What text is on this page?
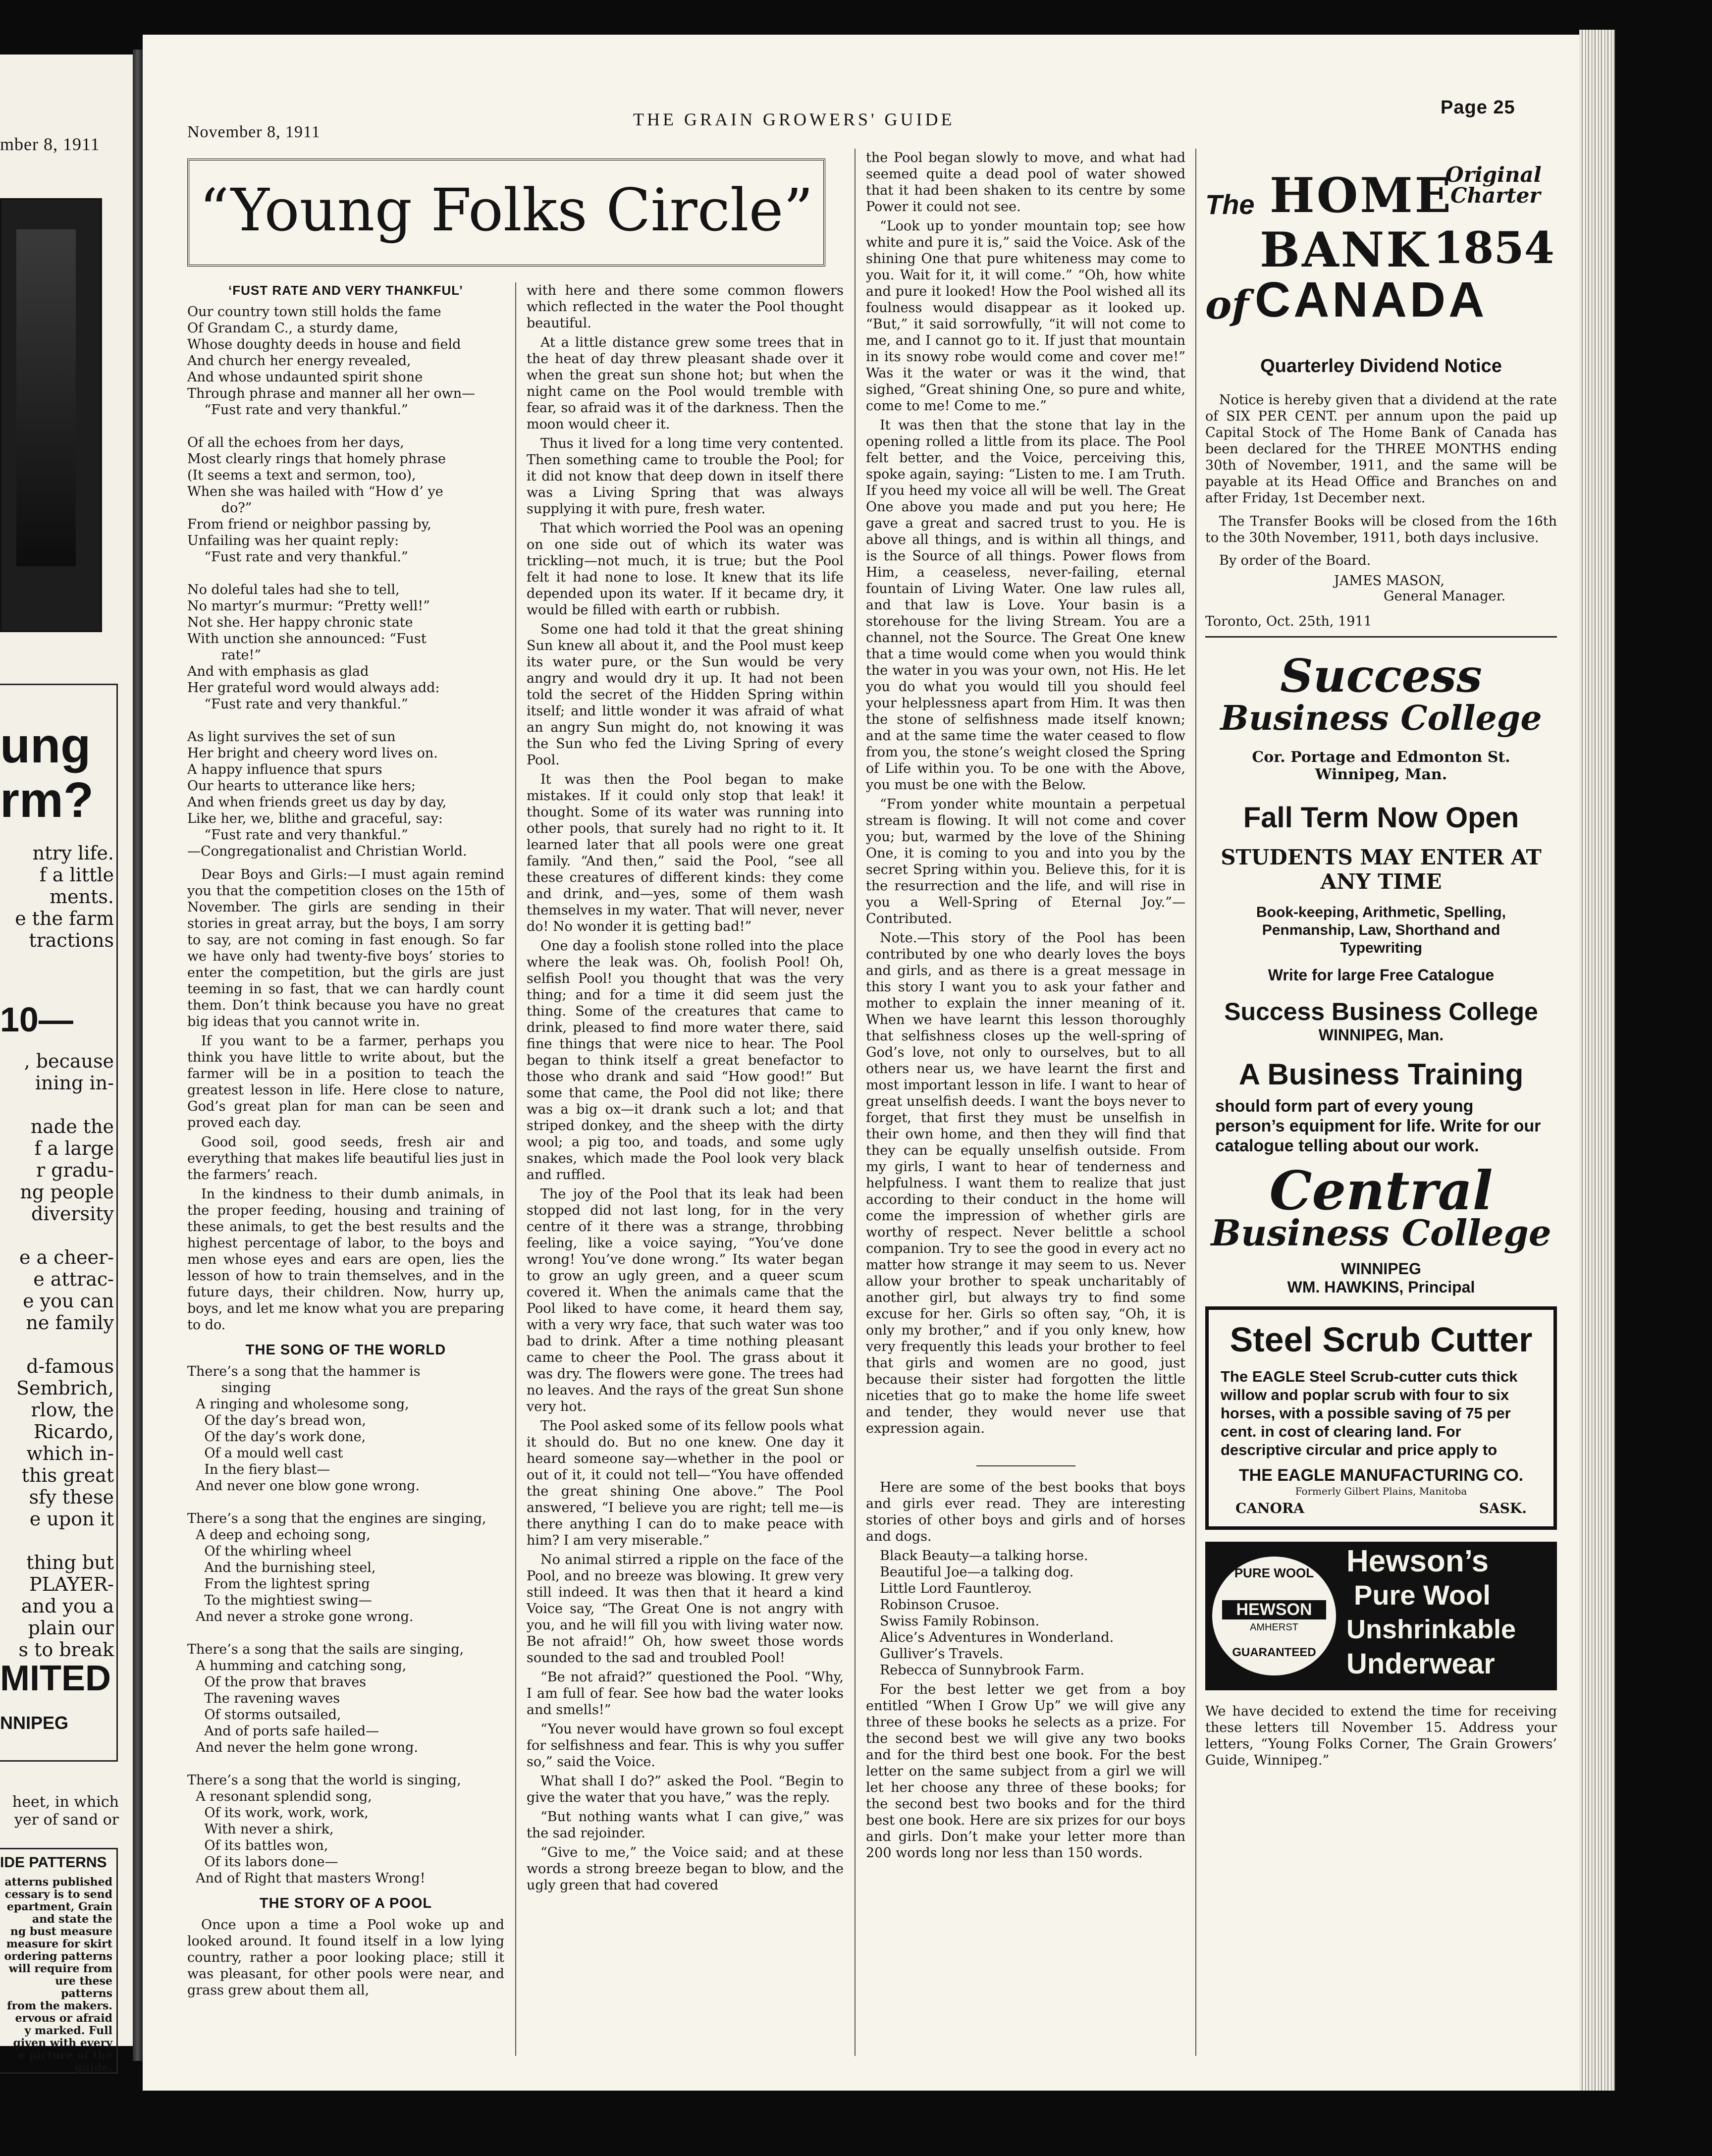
mber 8, 1911
ung
rm?
ntry life.
f a little
ments.
e the farm
tractions
10—
, because
ining in-

nade the
f a large
r gradu-
ng people
diversity

e a cheer-
e attrac-
e you can
ne family

d-famous
Sembrich,
rlow, the
Ricardo,
which in-
this great
sfy these
e upon it

thing but
PLAYER-
and you a
plain our
s to break
MITED
NNIPEG
heet, in which
yer of sand or
IDE PATTERNS
atterns published
cessary is to send
epartment, Grain
and state the
ng bust measure
measure for skirt
ordering patterns
will require from
ure these patterns
from the makers.
ervous or afraid
y marked. Full
given with every
e picture of the
guide.
November 8, 1911
THE GRAIN GROWERS' GUIDE
Page 25
“Young Folks Circle”
‘FUST RATE AND VERY THANKFUL’
Our country town still holds the fame
Of Grandam C., a sturdy dame,
Whose doughty deeds in house and field
And church her energy revealed,
And whose undaunted spirit shone
Through phrase and manner all her own—
“Fust rate and very thankful.”

Of all the echoes from her days,
Most clearly rings that homely phrase
(It seems a text and sermon, too),
When she was hailed with “How d’ ye
do?”
From friend or neighbor passing by,
Unfailing was her quaint reply:
“Fust rate and very thankful.”

No doleful tales had she to tell,
No martyr’s murmur: “Pretty well!”
Not she. Her happy chronic state
With unction she announced: “Fust
rate!”
And with emphasis as glad
Her grateful word would always add:
“Fust rate and very thankful.”

As light survives the set of sun
Her bright and cheery word lives on.
A happy influence that spurs
Our hearts to utterance like hers;
And when friends greet us day by day,
Like her, we, blithe and graceful, say:
“Fust rate and very thankful.”
—Congregationalist and Christian World.

Dear Boys and Girls:—I must again remind you that the competition closes on the 15th of November. The girls are sending in their stories in great array, but the boys, I am sorry to say, are not coming in fast enough. So far we have only had twenty-five boys’ stories to enter the competition, but the girls are just teeming in so fast, that we can hardly count them. Don’t think because you have no great big ideas that you cannot write in.

If you want to be a farmer, perhaps you think you have little to write about, but the farmer will be in a position to teach the greatest lesson in life. Here close to nature, God’s great plan for man can be seen and proved each day.

Good soil, good seeds, fresh air and everything that makes life beautiful lies just in the farmers’ reach.

In the kindness to their dumb animals, in the proper feeding, housing and training of these animals, to get the best results and the highest percentage of labor, to the boys and men whose eyes and ears are open, lies the lesson of how to train themselves, and in the future days, their children. Now, hurry up, boys, and let me know what you are preparing to do.

THE SONG OF THE WORLD
There’s a song that the hammer is
singing
A ringing and wholesome song,
Of the day’s bread won,
Of the day’s work done,
Of a mould well cast
In the fiery blast—
And never one blow gone wrong.

There’s a song that the engines are singing,
A deep and echoing song,
Of the whirling wheel
And the burnishing steel,
From the lightest spring
To the mightiest swing—
And never a stroke gone wrong.

There’s a song that the sails are singing,
A humming and catching song,
Of the prow that braves
The ravening waves
Of storms outsailed,
And of ports safe hailed—
And never the helm gone wrong.

There’s a song that the world is singing,
A resonant splendid song,
Of its work, work, work,
With never a shirk,
Of its battles won,
Of its labors done—
And of Right that masters Wrong!
THE STORY OF A POOL

Once upon a time a Pool woke up and looked around. It found itself in a low lying country, rather a poor looking place; still it was pleasant, for other pools were near, and grass grew about them all,

with here and there some common flowers which reflected in the water the Pool thought beautiful.

At a little distance grew some trees that in the heat of day threw pleasant shade over it when the great sun shone hot; but when the night came on the Pool would tremble with fear, so afraid was it of the darkness. Then the moon would cheer it.

Thus it lived for a long time very contented. Then something came to trouble the Pool; for it did not know that deep down in itself there was a Living Spring that was always supplying it with pure, fresh water.

That which worried the Pool was an opening on one side out of which its water was trickling—not much, it is true; but the Pool felt it had none to lose. It knew that its life depended upon its water. If it became dry, it would be filled with earth or rubbish.

Some one had told it that the great shining Sun knew all about it, and the Pool must keep its water pure, or the Sun would be very angry and would dry it up. It had not been told the secret of the Hidden Spring within itself; and little wonder it was afraid of what an angry Sun might do, not knowing it was the Sun who fed the Living Spring of every Pool.

It was then the Pool began to make mistakes. If it could only stop that leak! it thought. Some of its water was running into other pools, that surely had no right to it. It learned later that all pools were one great family. “And then,” said the Pool, “see all these creatures of different kinds: they come and drink, and—yes, some of them wash themselves in my water. That will never, never do! No wonder it is getting bad!”

One day a foolish stone rolled into the place where the leak was. Oh, foolish Pool! Oh, selfish Pool! you thought that was the very thing; and for a time it did seem just the thing. Some of the creatures that came to drink, pleased to find more water there, said fine things that were nice to hear. The Pool began to think itself a great benefactor to those who drank and said “How good!” But some that came, the Pool did not like; there was a big ox—it drank such a lot; and that striped donkey, and the sheep with the dirty wool; a pig too, and toads, and some ugly snakes, which made the Pool look very black and ruffled.

The joy of the Pool that its leak had been stopped did not last long, for in the very centre of it there was a strange, throbbing feeling, like a voice saying, “You’ve done wrong! You’ve done wrong.” Its water began to grow an ugly green, and a queer scum covered it. When the animals came that the Pool liked to have come, it heard them say, with a very wry face, that such water was too bad to drink. After a time nothing pleasant came to cheer the Pool. The grass about it was dry. The flowers were gone. The trees had no leaves. And the rays of the great Sun shone very hot.

The Pool asked some of its fellow pools what it should do. But no one knew. One day it heard someone say—whether in the pool or out of it, it could not tell—“You have offended the great shining One above.” The Pool answered, “I believe you are right; tell me—is there anything I can do to make peace with him? I am very miserable.”

No animal stirred a ripple on the face of the Pool, and no breeze was blowing. It grew very still indeed. It was then that it heard a kind Voice say, “The Great One is not angry with you, and he will fill you with living water now. Be not afraid!” Oh, how sweet those words sounded to the sad and troubled Pool!

“Be not afraid?” questioned the Pool. “Why, I am full of fear. See how bad the water looks and smells!”

“You never would have grown so foul except for selfishness and fear. This is why you suffer so,” said the Voice.

What shall I do?” asked the Pool. “Begin to give the water that you have,” was the reply.

“But nothing wants what I can give,” was the sad rejoinder.

“Give to me,” the Voice said; and at these words a strong breeze began to blow, and the ugly green that had covered

the Pool began slowly to move, and what had seemed quite a dead pool of water showed that it had been shaken to its centre by some Power it could not see.

“Look up to yonder mountain top; see how white and pure it is,” said the Voice. Ask of the shining One that pure whiteness may come to you. Wait for it, it will come.” “Oh, how white and pure it looked! How the Pool wished all its foulness would disappear as it looked up. “But,” it said sorrowfully, “it will not come to me, and I cannot go to it. If just that mountain in its snowy robe would come and cover me!” Was it the water or was it the wind, that sighed, “Great shining One, so pure and white, come to me! Come to me.”

It was then that the stone that lay in the opening rolled a little from its place. The Pool felt better, and the Voice, perceiving this, spoke again, saying: “Listen to me. I am Truth. If you heed my voice all will be well. The Great One above you made and put you here; He gave a great and sacred trust to you. He is above all things, and is within all things, and is the Source of all things. Power flows from Him, a ceaseless, never-failing, eternal fountain of Living Water. One law rules all, and that law is Love. Your basin is a storehouse for the living Stream. You are a channel, not the Source. The Great One knew that a time would come when you would think the water in you was your own, not His. He let you do what you would till you should feel your helplessness apart from Him. It was then the stone of selfishness made itself known; and at the same time the water ceased to flow from you, the stone’s weight closed the Spring of Life within you. To be one with the Above, you must be one with the Below.

“From yonder white mountain a perpetual stream is flowing. It will not come and cover you; but, warmed by the love of the Shining One, it is coming to you and into you by the secret Spring within you. Believe this, for it is the resurrection and the life, and will rise in you a Well-Spring of Eternal Joy.”—Contributed.

Note.—This story of the Pool has been contributed by one who dearly loves the boys and girls, and as there is a great message in this story I want you to ask your father and mother to explain the inner meaning of it. When we have learnt this lesson thoroughly that selfishness closes up the well-spring of God’s love, not only to ourselves, but to all others near us, we have learnt the first and most important lesson in life. I want to hear of great unselfish deeds. I want the boys never to forget, that first they must be unselfish in their own home, and then they will find that they can be equally unselfish outside. From my girls, I want to hear of tenderness and helpfulness. I want them to realize that just according to their conduct in the home will come the impression of whether girls are worthy of respect. Never belittle a school companion. Try to see the good in every act no matter how strange it may seem to us. Never allow your brother to speak uncharitably of another girl, but always try to find some excuse for her. Girls so often say, “Oh, it is only my brother,” and if you only knew, how very frequently this leads your brother to feel that girls and women are no good, just because their sister had forgotten the little niceties that go to make the home life sweet and tender, they would never use that expression again.

Here are some of the best books that boys and girls ever read. They are interesting stories of other boys and girls and of horses and dogs.

Black Beauty—a talking horse.
Beautiful Joe—a talking dog.
Little Lord Fauntleroy.
Robinson Crusoe.
Swiss Family Robinson.
Alice’s Adventures in Wonderland.
Gulliver’s Travels.
Rebecca of Sunnybrook Farm.

For the best letter we get from a boy entitled “When I Grow Up” we will give any three of these books he selects as a prize. For the second best we will give any two books and for the third best one book. For the best letter on the same subject from a girl we will let her choose any three of these books; for the second best two books and for the third best one book. Here are six prizes for our boys and girls. Don’t make your letter more than 200 words long nor less than 150 words.

The HOME
Original
Charter
BANK 1854
of CANADA
Quarterley Dividend Notice
Notice is hereby given that a dividend at the rate of SIX PER CENT. per annum upon the paid up Capital Stock of The Home Bank of Canada has been declared for the THREE MONTHS ending 30th of November, 1911, and the same will be payable at its Head Office and Branches on and after Friday, 1st December next.
The Transfer Books will be closed from the 16th to the 30th November, 1911, both days inclusive.
By order of the Board.
JAMES MASON,
General Manager.
Toronto, Oct. 25th, 1911
Success
Business College
Cor. Portage and Edmonton St.
Winnipeg, Man.
Fall Term Now Open
STUDENTS MAY ENTER AT
ANY TIME
Book-keeping, Arithmetic, Spelling, Penmanship, Law, Shorthand and Typewriting
Write for large Free Catalogue
Success Business College
WINNIPEG, Man.
A Business Training
should form part of every young person’s equipment for life. Write for our catalogue telling about our work.
Central
Business College
WINNIPEG
WM. HAWKINS, Principal
Steel Scrub Cutter
The EAGLE Steel Scrub-cutter cuts thick willow and poplar scrub with four to six horses, with a possible saving of 75 per cent. in cost of clearing land. For descriptive circular and price apply to
THE EAGLE MANUFACTURING CO.
Formerly Gilbert Plains, Manitoba
CANORA	SASK.
PURE WOOL
HEWSON
AMHERST
GUARANTEED
Hewson’s
Pure Wool
Unshrinkable
Underwear
We have decided to extend the time for receiving these letters till November 15. Address your letters, “Young Folks Corner, The Grain Growers’ Guide, Winnipeg.”
